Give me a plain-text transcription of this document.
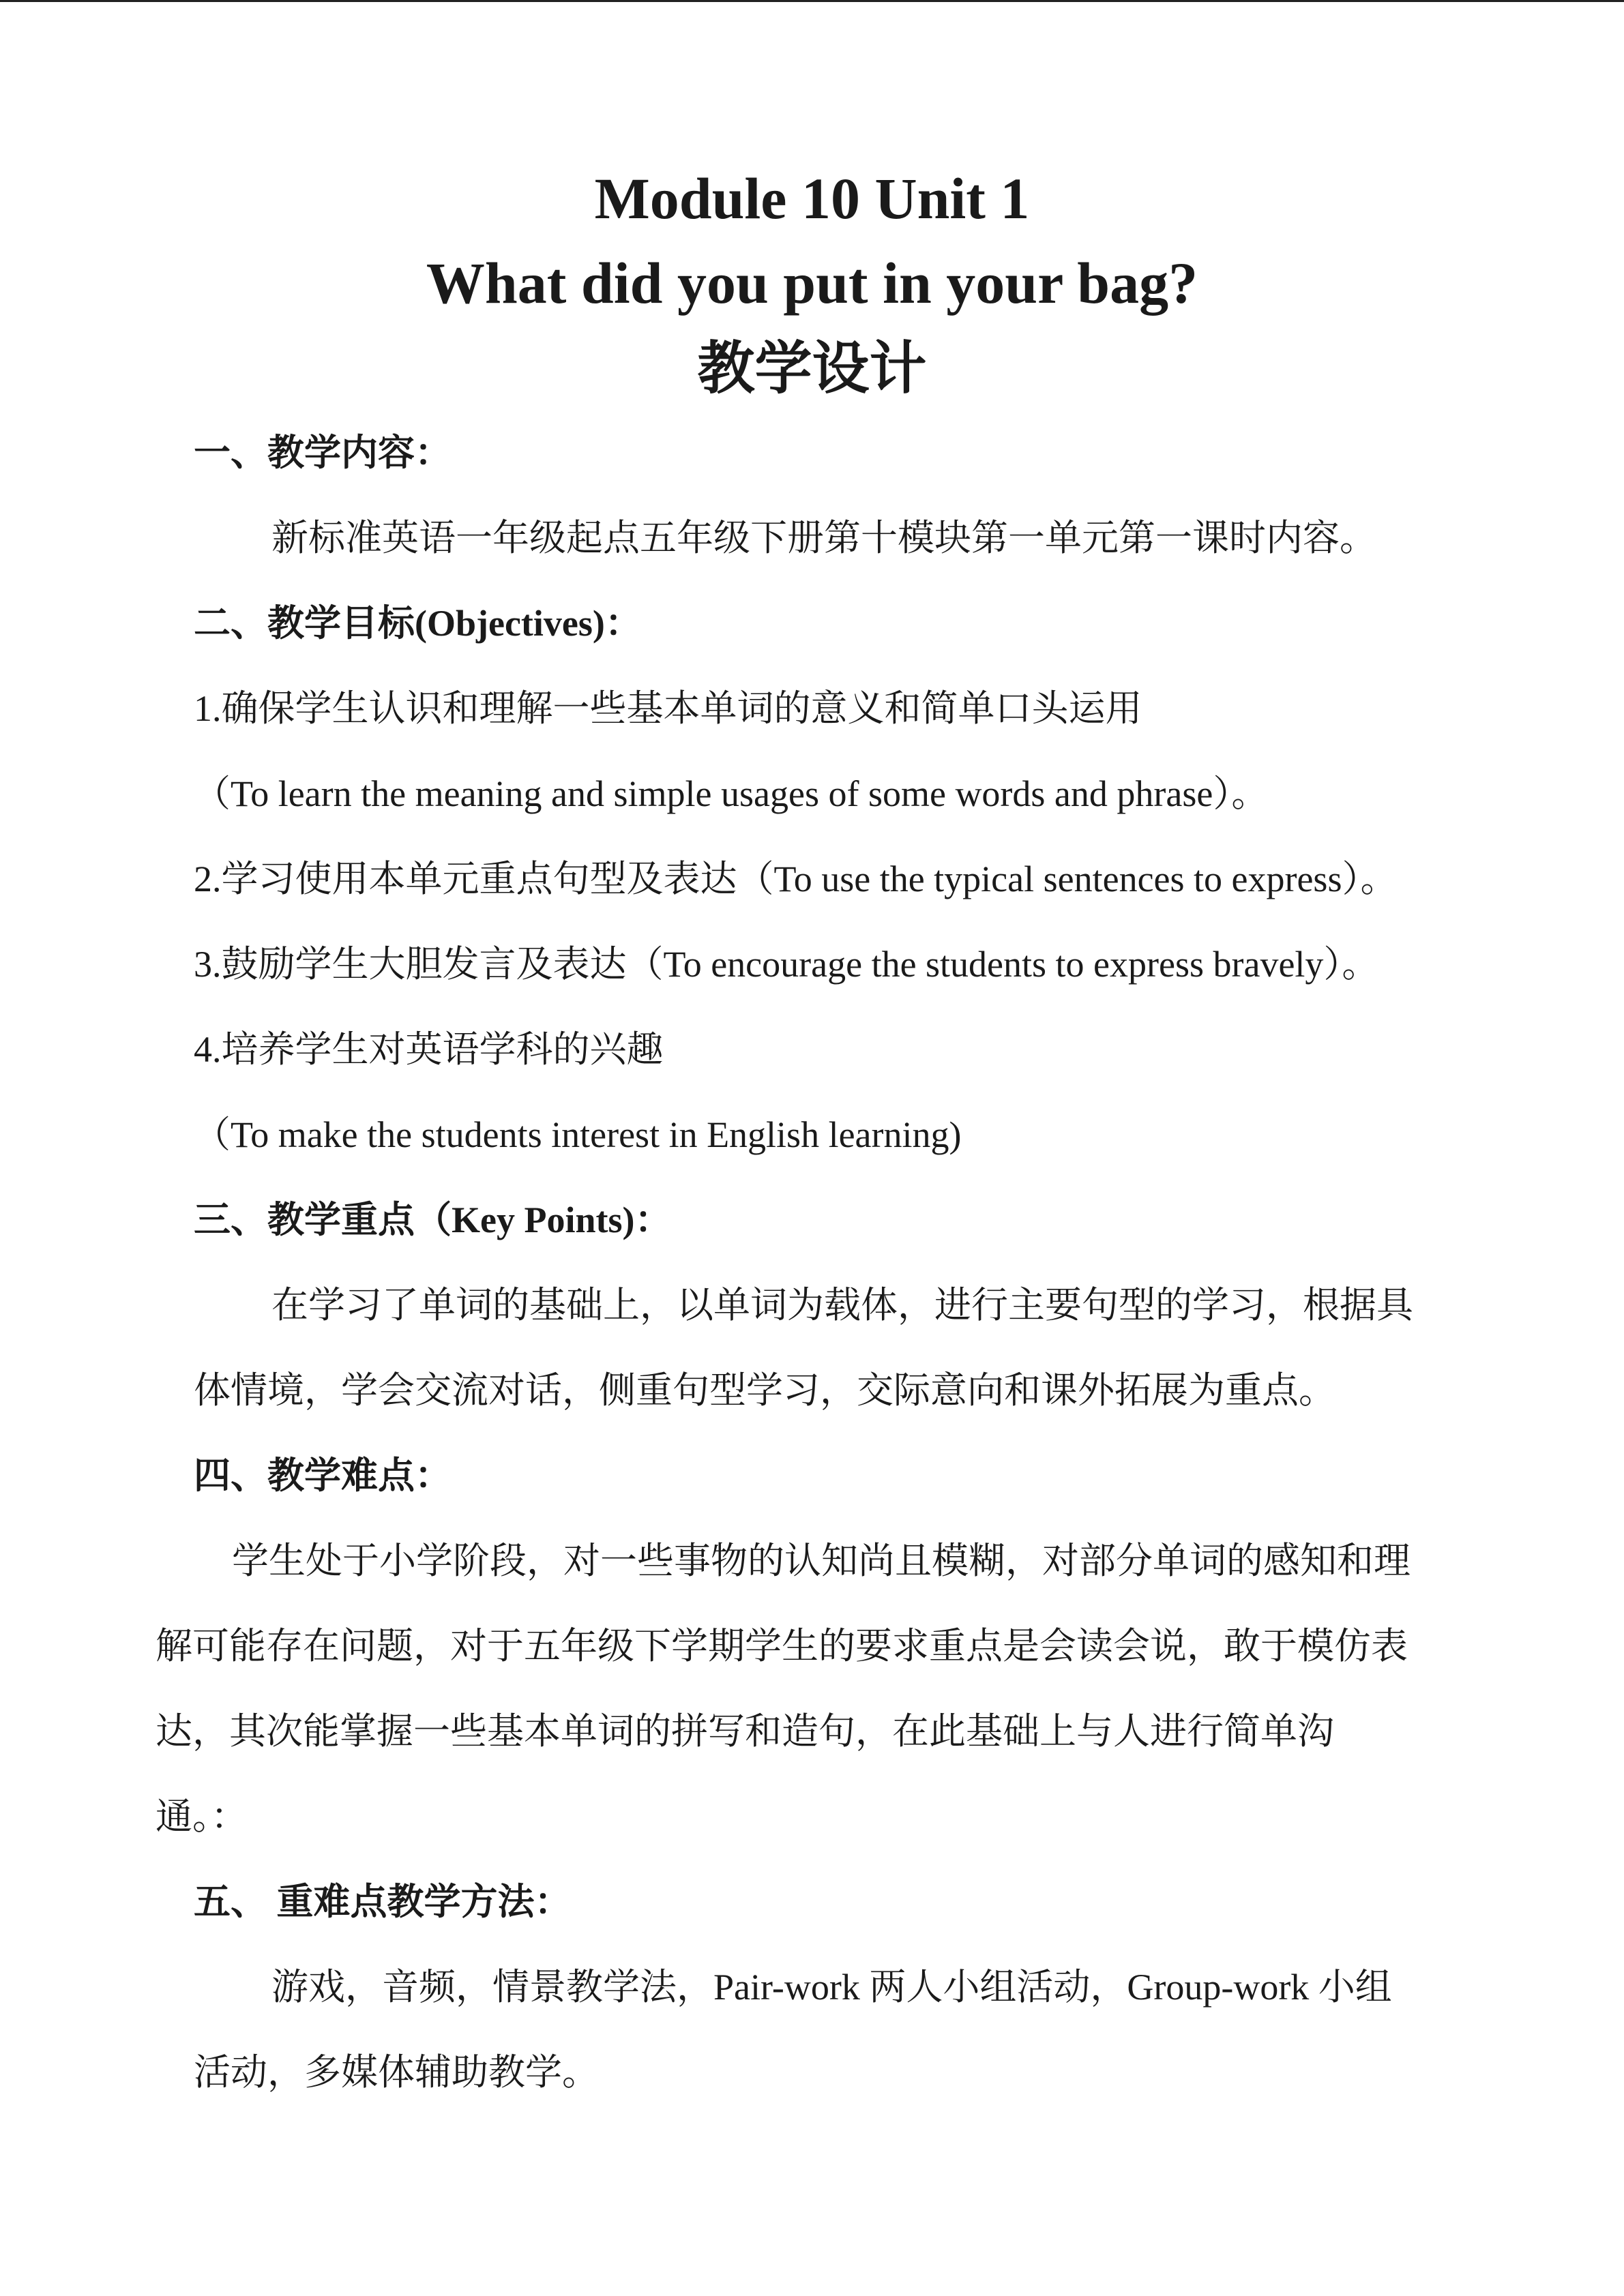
Module 10 Unit 1
What did you put in your bag?
教学设计
一、教学内容：
新标准英语一年级起点五年级下册第十模块第一单元第一课时内容。
二、教学目标(Objectives)：
1.确保学生认识和理解一些基本单词的意义和简单口头运用
（To learn the meaning and simple usages of some words and phrase）。
2.学习使用本单元重点句型及表达（To use the typical sentences to express）。
3.鼓励学生大胆发言及表达（To encourage the students to express bravely）。
4.培养学生对英语学科的兴趣
（To make the students interest in English learning)
三、教学重点（Key Points)：
在学习了单词的基础上，以单词为载体，进行主要句型的学习，根据具
体情境，学会交流对话，侧重句型学习，交际意向和课外拓展为重点。
四、教学难点：
学生处于小学阶段，对一些事物的认知尚且模糊，对部分单词的感知和理
解可能存在问题，对于五年级下学期学生的要求重点是会读会说，敢于模仿表
达，其次能掌握一些基本单词的拼写和造句，在此基础上与人进行简单沟
通。：
五、 重难点教学方法：
游戏，音频，情景教学法，Pair-work 两人小组活动，Group-work 小组
活动，多媒体辅助教学。
